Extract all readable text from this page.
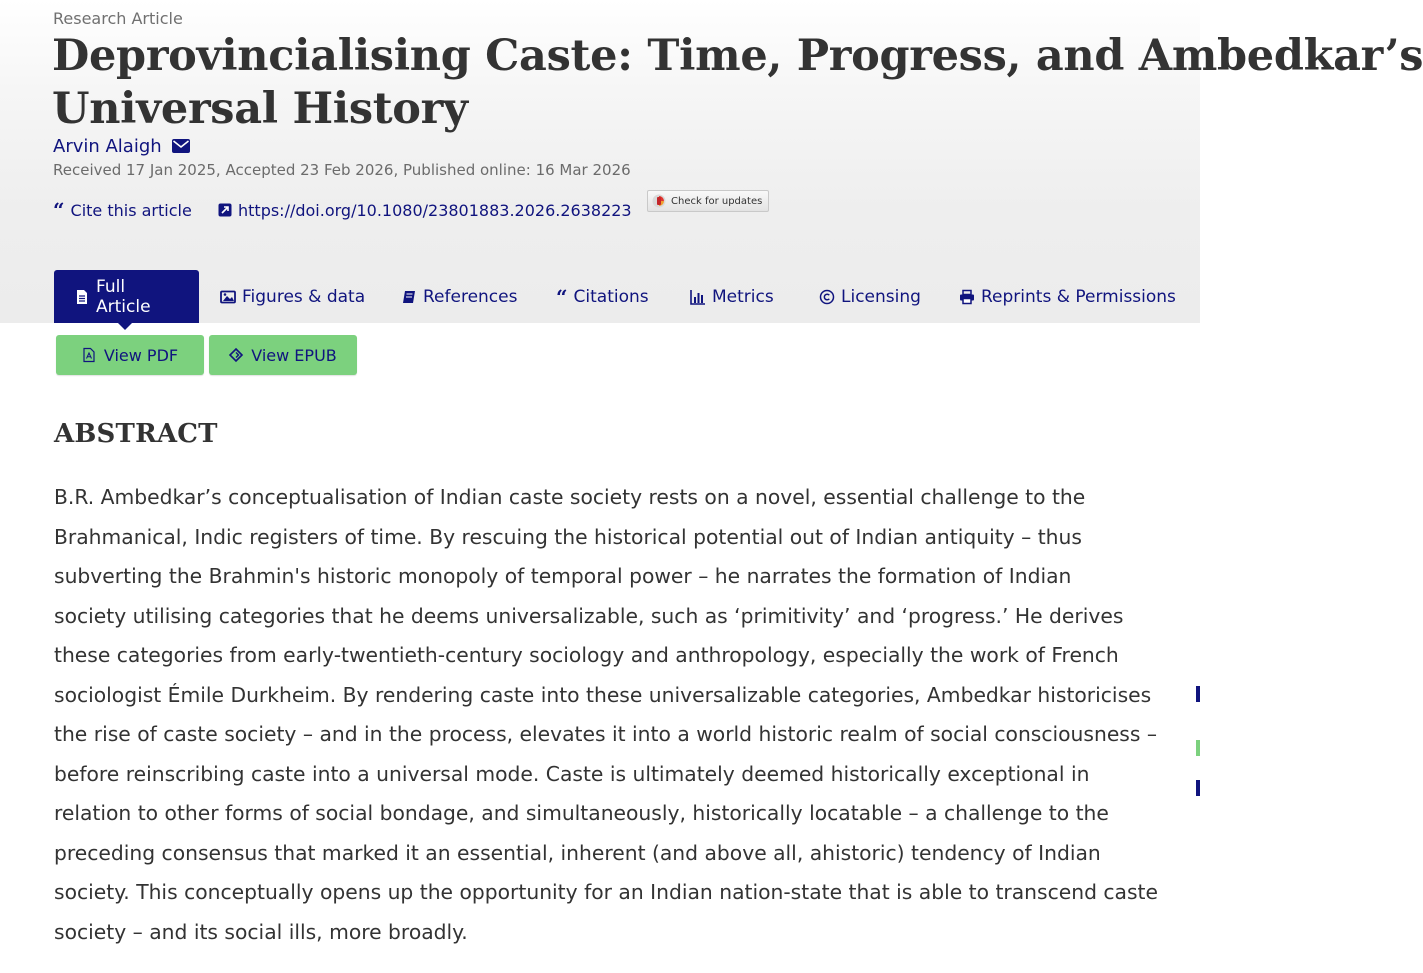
Research Article
Deprovincialising Caste: Time, Progress, and Ambedkar’s
Universal History
Arvin Alaigh
Received 17 Jan 2025, Accepted 23 Feb 2026, Published online: 16 Mar 2026
“ Cite this article	https://doi.org/10.1080/23801883.2026.2638223	Check for updates
Full Article	Figures & data	References “ Citations	Metrics	Licensing	Reprints & Permissions
View PDF	View EPUB
ABSTRACT

B.R. Ambedkar’s conceptualisation of Indian caste society rests on a novel, essential challenge to the
Brahmanical, Indic registers of time. By rescuing the historical potential out of Indian antiquity – thus
subverting the Brahmin's historic monopoly of temporal power – he narrates the formation of Indian
society utilising categories that he deems universalizable, such as ‘primitivity’ and ‘progress.’ He derives
these categories from early-twentieth-century sociology and anthropology, especially the work of French
sociologist Émile Durkheim. By rendering caste into these universalizable categories, Ambedkar historicises
the rise of caste society – and in the process, elevates it into a world historic realm of social consciousness –
before reinscribing caste into a universal mode. Caste is ultimately deemed historically exceptional in
relation to other forms of social bondage, and simultaneously, historically locatable – a challenge to the
preceding consensus that marked it an essential, inherent (and above all, ahistoric) tendency of Indian
society. This conceptually opens up the opportunity for an Indian nation-state that is able to transcend caste
society – and its social ills, more broadly.
